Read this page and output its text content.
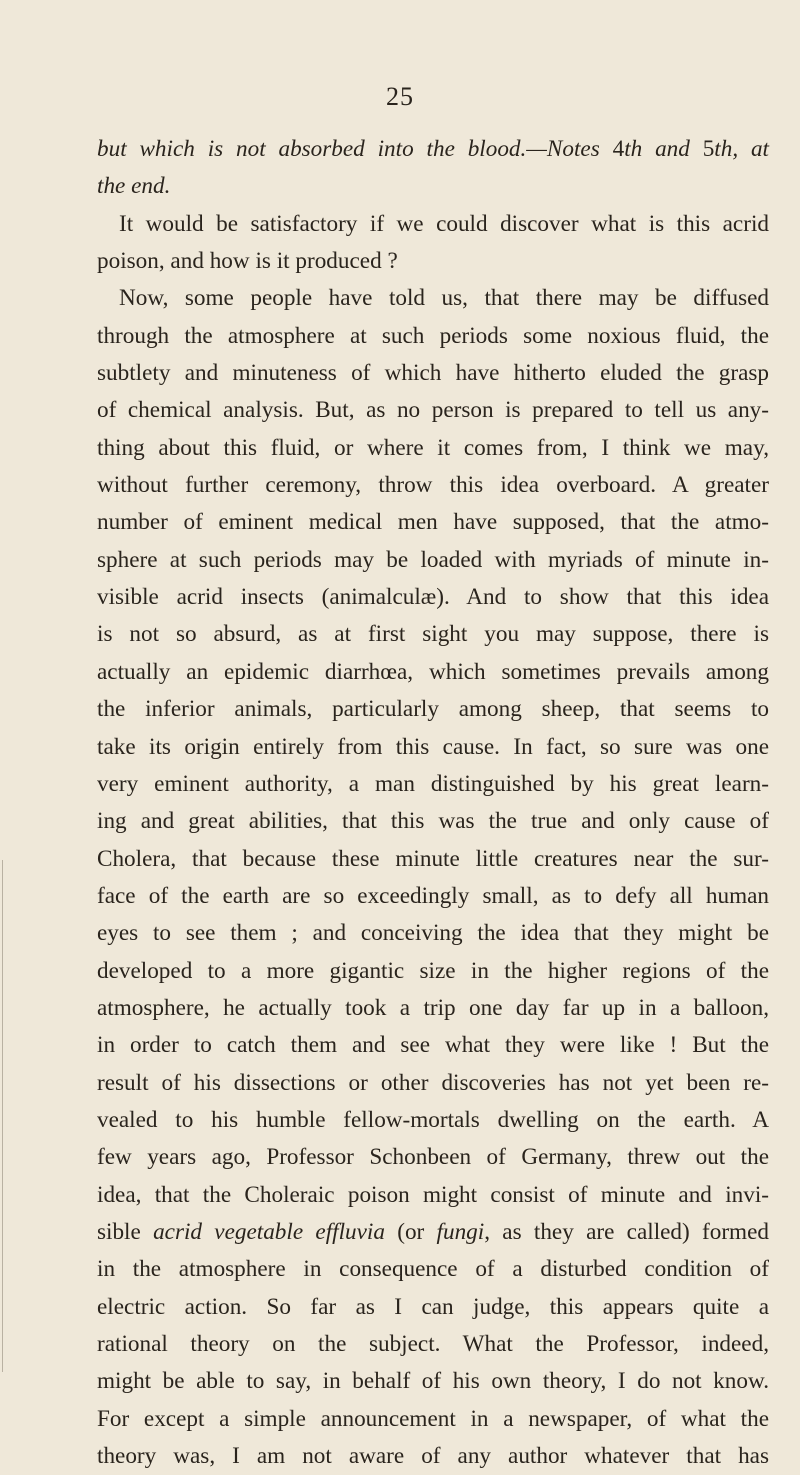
25
but which is not absorbed into the blood.—Notes 4th and 5th, at
the end.
It would be satisfactory if we could discover what is this acrid
poison, and how is it produced ?
Now, some people have told us, that there may be diffused
through the atmosphere at such periods some noxious fluid, the
subtlety and minuteness of which have hitherto eluded the grasp
of chemical analysis. But, as no person is prepared to tell us any-
thing about this fluid, or where it comes from, I think we may,
without further ceremony, throw this idea overboard. A greater
number of eminent medical men have supposed, that the atmo-
sphere at such periods may be loaded with myriads of minute in-
visible acrid insects (animalculæ). And to show that this idea
is not so absurd, as at first sight you may suppose, there is
actually an epidemic diarrhœa, which sometimes prevails among
the inferior animals, particularly among sheep, that seems to
take its origin entirely from this cause. In fact, so sure was one
very eminent authority, a man distinguished by his great learn-
ing and great abilities, that this was the true and only cause of
Cholera, that because these minute little creatures near the sur-
face of the earth are so exceedingly small, as to defy all human
eyes to see them ; and conceiving the idea that they might be
developed to a more gigantic size in the higher regions of the
atmosphere, he actually took a trip one day far up in a balloon,
in order to catch them and see what they were like ! But the
result of his dissections or other discoveries has not yet been re-
vealed to his humble fellow-mortals dwelling on the earth. A
few years ago, Professor Schonbeen of Germany, threw out the
idea, that the Choleraic poison might consist of minute and invi-
sible acrid vegetable effluvia (or fungi, as they are called) formed
in the atmosphere in consequence of a disturbed condition of
electric action. So far as I can judge, this appears quite a
rational theory on the subject. What the Professor, indeed,
might be able to say, in behalf of his own theory, I do not know.
For except a simple announcement in a newspaper, of what the
theory was, I am not aware of any author whatever that has
